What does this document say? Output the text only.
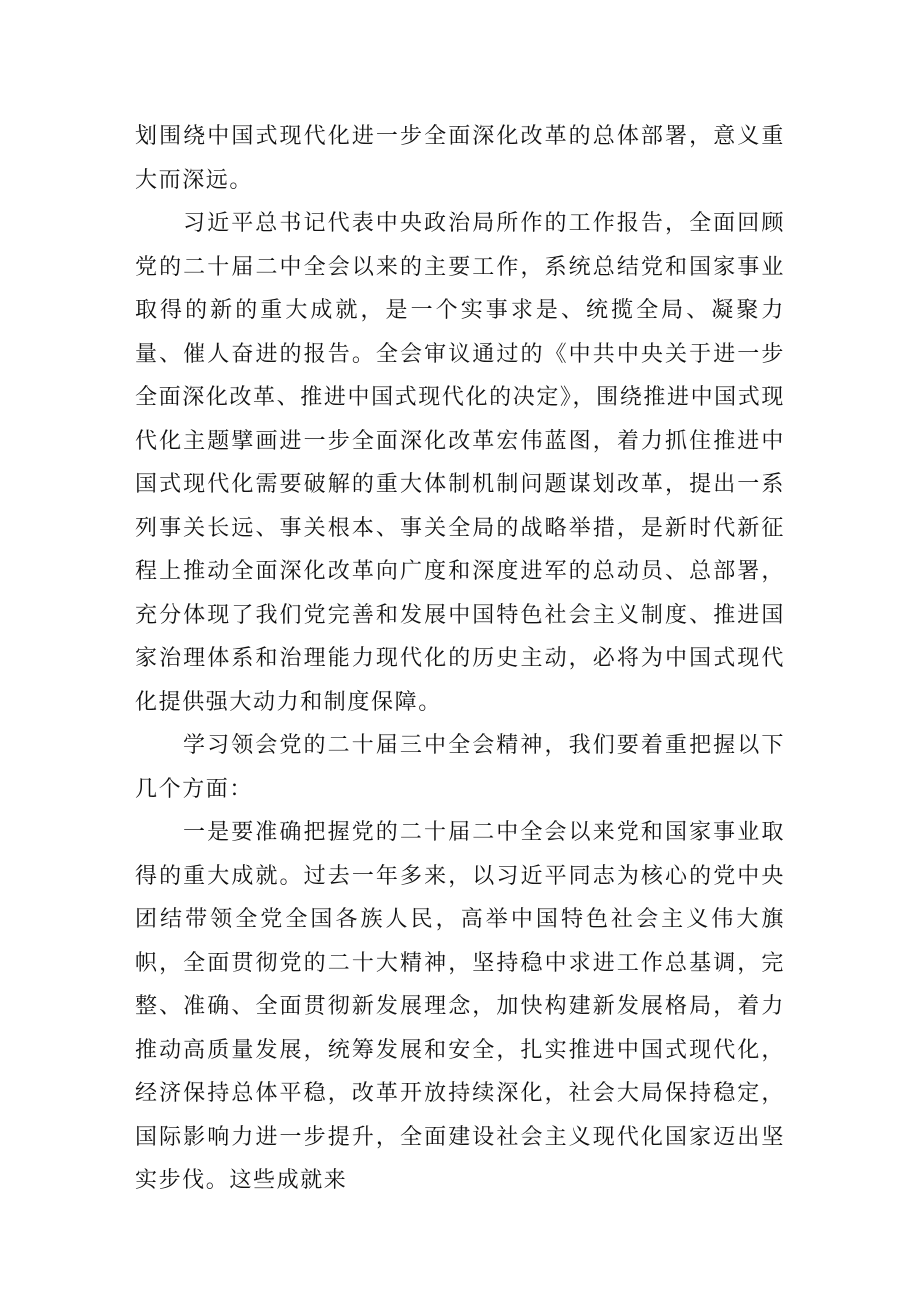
划围绕中国式现代化进一步全面深化改革的总体部署，意义重大而深远。

习近平总书记代表中央政治局所作的工作报告，全面回顾党的二十届二中全会以来的主要工作，系统总结党和国家事业取得的新的重大成就，是一个实事求是、统揽全局、凝聚力量、催人奋进的报告。全会审议通过的《中共中央关于进一步全面深化改革、推进中国式现代化的决定》，围绕推进中国式现代化主题擘画进一步全面深化改革宏伟蓝图，着力抓住推进中国式现代化需要破解的重大体制机制问题谋划改革，提出一系列事关长远、事关根本、事关全局的战略举措，是新时代新征程上推动全面深化改革向广度和深度进军的总动员、总部署，充分体现了我们党完善和发展中国特色社会主义制度、推进国家治理体系和治理能力现代化的历史主动，必将为中国式现代化提供强大动力和制度保障。

学习领会党的二十届三中全会精神，我们要着重把握以下几个方面：

一是要准确把握党的二十届二中全会以来党和国家事业取得的重大成就。过去一年多来，以习近平同志为核心的党中央团结带领全党全国各族人民，高举中国特色社会主义伟大旗帜，全面贯彻党的二十大精神，坚持稳中求进工作总基调，完整、准确、全面贯彻新发展理念，加快构建新发展格局，着力推动高质量发展，统筹发展和安全，扎实推进中国式现代化，经济保持总体平稳，改革开放持续深化，社会大局保持稳定，国际影响力进一步提升，全面建设社会主义现代化国家迈出坚实步伐。这些成就来
